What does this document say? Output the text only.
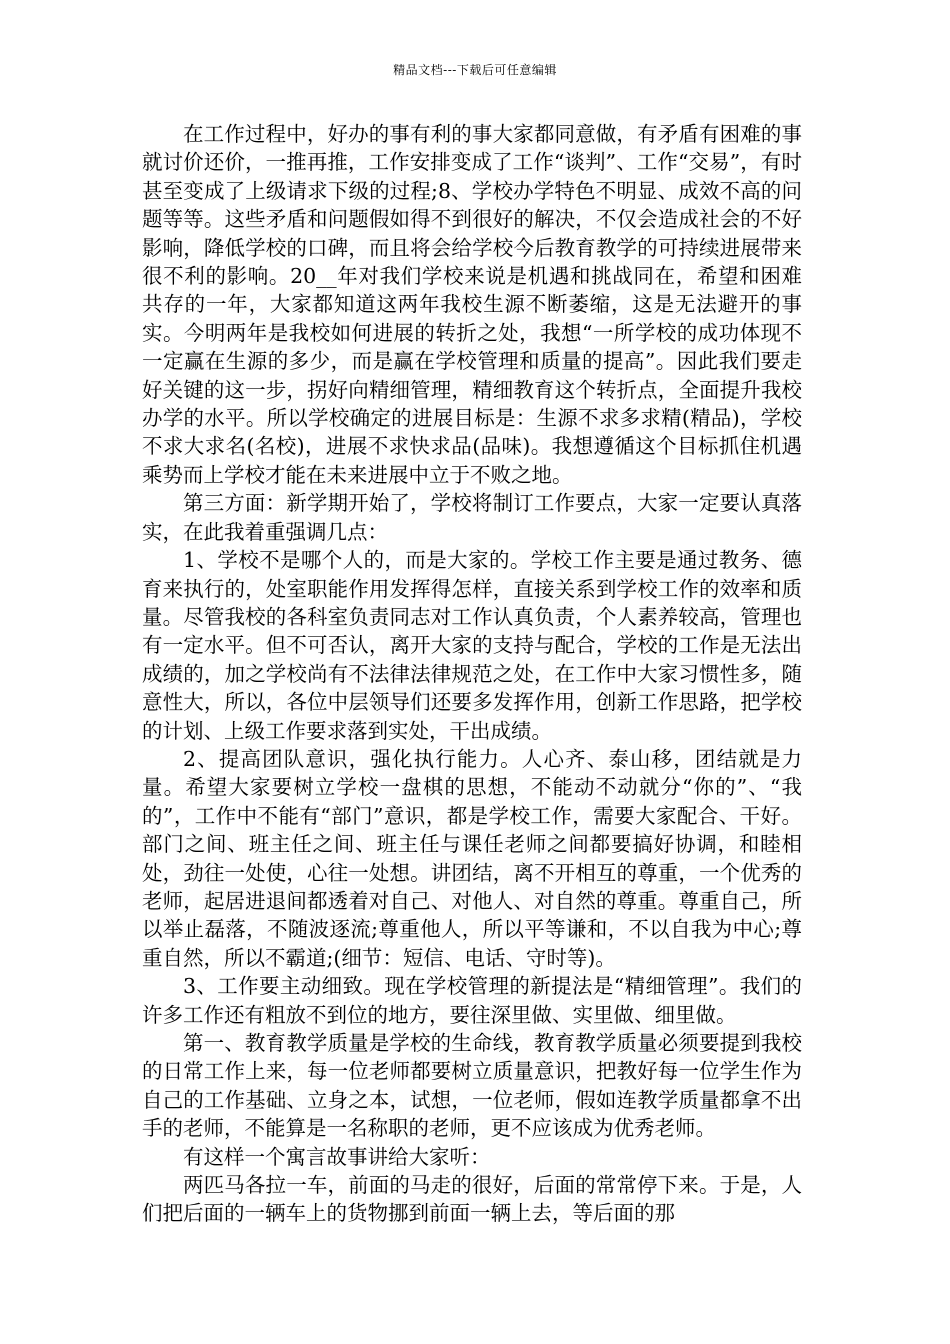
精品文档---下载后可任意编辑

在工作过程中，好办的事有利的事大家都同意做，有矛盾有困难的事就讨价还价，一推再推，工作安排变成了工作“谈判”、工作“交易”，有时甚至变成了上级请求下级的过程;8、学校办学特色不明显、成效不高的问题等等。这些矛盾和问题假如得不到很好的解决，不仅会造成社会的不好影响，降低学校的口碑，而且将会给学校今后教育教学的可持续进展带来很不利的影响。20__年对我们学校来说是机遇和挑战同在，希望和困难共存的一年，大家都知道这两年我校生源不断萎缩，这是无法避开的事实。今明两年是我校如何进展的转折之处，我想“一所学校的成功体现不一定赢在生源的多少，而是赢在学校管理和质量的提高”。因此我们要走好关键的这一步，拐好向精细管理，精细教育这个转折点，全面提升我校办学的水平。所以学校确定的进展目标是：生源不求多求精(精品)，学校不求大求名(名校)，进展不求快求品(品味)。我想遵循这个目标抓住机遇乘势而上学校才能在未来进展中立于不败之地。

第三方面：新学期开始了，学校将制订工作要点，大家一定要认真落实，在此我着重强调几点：

1、学校不是哪个人的，而是大家的。学校工作主要是通过教务、德育来执行的，处室职能作用发挥得怎样，直接关系到学校工作的效率和质量。尽管我校的各科室负责同志对工作认真负责，个人素养较高，管理也有一定水平。但不可否认，离开大家的支持与配合，学校的工作是无法出成绩的，加之学校尚有不法律法律规范之处，在工作中大家习惯性多，随意性大，所以，各位中层领导们还要多发挥作用，创新工作思路，把学校的计划、上级工作要求落到实处，干出成绩。

2、提高团队意识，强化执行能力。人心齐、泰山移，团结就是力量。希望大家要树立学校一盘棋的思想，不能动不动就分“你的”、“我的”，工作中不能有“部门”意识，都是学校工作，需要大家配合、干好。部门之间、班主任之间、班主任与课任老师之间都要搞好协调，和睦相处，劲往一处使，心往一处想。讲团结，离不开相互的尊重，一个优秀的老师，起居进退间都透着对自己、对他人、对自然的尊重。尊重自己，所以举止磊落，不随波逐流;尊重他人，所以平等谦和，不以自我为中心;尊重自然，所以不霸道;(细节：短信、电话、守时等)。

3、工作要主动细致。现在学校管理的新提法是“精细管理”。我们的许多工作还有粗放不到位的地方，要往深里做、实里做、细里做。

第一、教育教学质量是学校的生命线，教育教学质量必须要提到我校的日常工作上来，每一位老师都要树立质量意识，把教好每一位学生作为自己的工作基础、立身之本，试想，一位老师，假如连教学质量都拿不出手的老师，不能算是一名称职的老师，更不应该成为优秀老师。

有这样一个寓言故事讲给大家听：

两匹马各拉一车，前面的马走的很好，后面的常常停下来。于是，人们把后面的一辆车上的货物挪到前面一辆上去，等后面的那
